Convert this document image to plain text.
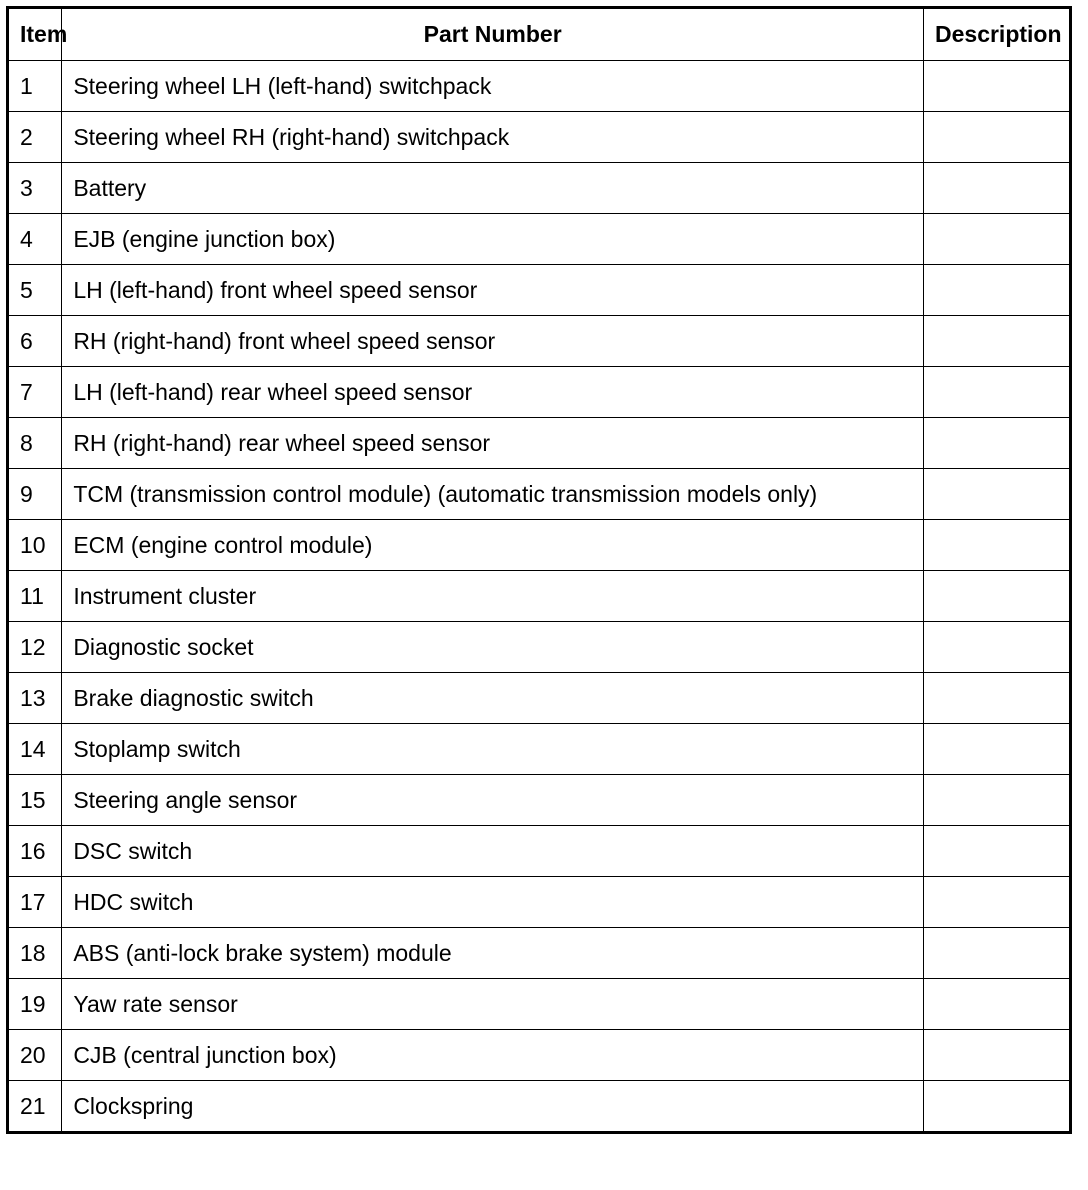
Item	Part Number	Description
1	Steering wheel LH (left-hand) switchpack	
2	Steering wheel RH (right-hand) switchpack	
3	Battery	
4	EJB (engine junction box)	
5	LH (left-hand) front wheel speed sensor	
6	RH (right-hand) front wheel speed sensor	
7	LH (left-hand) rear wheel speed sensor	
8	RH (right-hand) rear wheel speed sensor	
9	TCM (transmission control module) (automatic transmission models only)	
10	ECM (engine control module)	
11	Instrument cluster	
12	Diagnostic socket	
13	Brake diagnostic switch	
14	Stoplamp switch	
15	Steering angle sensor	
16	DSC switch	
17	HDC switch	
18	ABS (anti-lock brake system) module	
19	Yaw rate sensor	
20	CJB (central junction box)	
21	Clockspring	
